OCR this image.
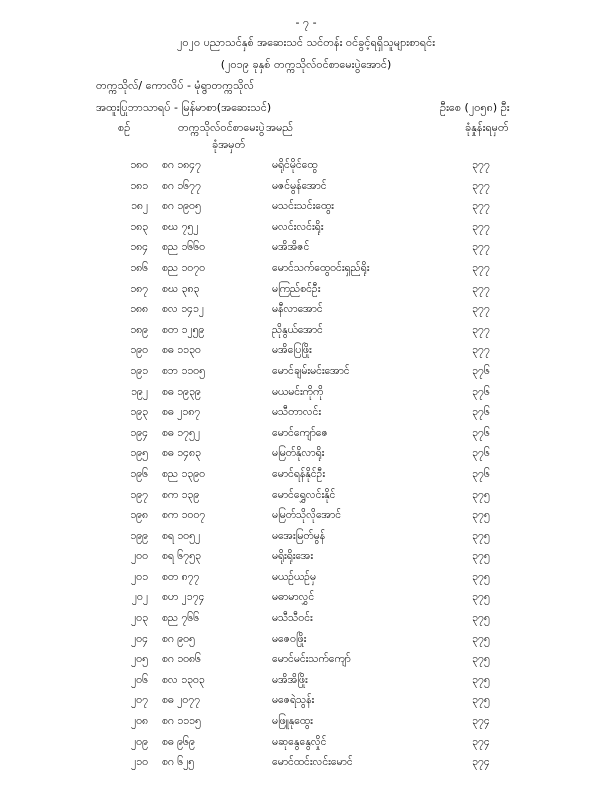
- ၇ -
၂၀၂၀ ပညာသင်နှစ် အဆေးသင် သင်တန်း ဝင်ခွင့်ရရှိသူများစာရင်း
(၂၀၁၉ ခုနှစ် တက္ကသိုလ်ဝင်စာမေးပွဲအောင်)
တက္ကသိုလ်/ ကောလိပ် - မုံရွာတက္ကသိုလ်
အထူးပြုဘာသာရပ် - မြန်မာစာ(အဆေးသင်)	ဦးစေ (၂၀၅၈) ဦး
စဉ်	တက္ကသိုလ်ဝင်စာမေးပွဲ
ခုံအမှတ်
အမည်	ခုံနှုန်းရမှတ်
၁၈၀ စဂ ၁၈၄၇	မရိုင်မိုင်ထွေ	၃၇၇
၁၈၁ စဂ ၁၆၇၇	မဇင်မွန်အောင်	၃၇၇
၁၈၂ စဂ ၁၉၀၅	မသင်းသင်းထွေး	၃၇၇
၁၈၃ စဃ ၇၅၂	မလင်းလင်းရိုး	၃၇၇
၁၈၄ စည ၁၆၆၀	မအိအိဇင်	၃၇၇
၁၈၆ စည ၁၀၇၀	မောင်သက်ထွေဝင်းရှည်ရိုး	၃၇၇
၁၈၇ စဃ ၃၈၃	မကြည်စင်ဦး	၃၇၇
၁၈၈ စလ ၁၄၁၂	မနီလာအောင်	၃၇၇
၁၈၉ စတ ၁၂၅၉	ညိုနွယ်အောင်	၃၇၇
၁၉၀ စဓ ၁၁၃၀	မအိပြေဖြိုး	၃၇၇
၁၉၁ စဘ ၁၁၀၅	မောင်ချမ်းမင်းအောင်	၃၇၆
၁၉၂ စဓ ၁၉၃၉	မယမင်းကိုကို	၃၇၆
၁၉၃ စဓ ၂၁၈၇	မသီတာလင်း	၃၇၆
၁၉၄ စဓ ၁၇၅၂	မောင်ကျော်ဇေ	၃၇၆
၁၉၅ စဓ ၁၄၈၃	မမြတ်နိုလာရိုး	၃၇၆
၁၉၆ စည ၁၃၉၀	မောင်ရန်နိုင်ဦး	၃၇၆
၁၉၇ စက ၁၃၉	မောင်ရွှေလင်းနိုင်	၃၇၅
၁၉၈ စက ၁၀၀၇	မမြတ်သိုလိုအောင်	၃၇၅
၁၉၉ စရ ၁၀၅၂	မအေးမြတ်မွန်	၃၇၅
၂၀၀ စရ ၆၇၅၃	မရိုးရိုးအေး	၃၇၅
၂၀၁ စတ ၈၇၇	မယဉ်ယဉ်မှ	၃၇၅
၂၀၂ စဟ ၂၁၇၄	မဓာမာလွှင်	၃၇၅
၂၀၃ စည ၇၆၆	မသီသီဝင်း	၃၇၅
၂၀၄ စဂ ၉၀၅	မဇေဝဖြိုး	၃၇၅
၂၀၅ စဂ ၁၀၈၆	မောင်မင်းသက်ကျော်	၃၇၅
၂၀၆ စလ ၁၃၀၃	မအိအိဖြိုး	၃၇၅
၂၀၇ စဓ ၂၀၇၇	မဇေရဲသွန်း	၃၇၅
၂၀၈ စဂ ၁၁၁၅	မဖြူနုထွေး	၃၇၄
၂၀၉ စဓ ၉၆၉	မဆုနွေနွေလှိုင်	၃၇၄
၂၁၀ စဂ ၆၂၅	မောင်ထင်းလင်းမောင်	၃၇၄
